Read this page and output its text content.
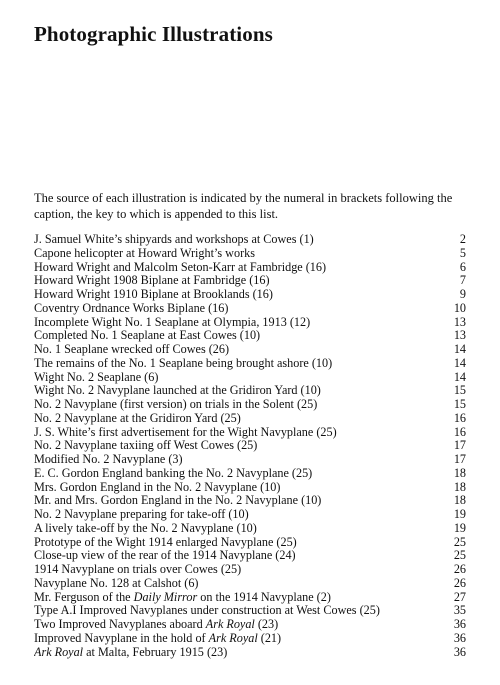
Photographic Illustrations
The source of each illustration is indicated by the numeral in brackets following the caption, the key to which is appended to this list.
J. Samuel White’s shipyards and workshops at Cowes (1)	2
Capone helicopter at Howard Wright’s works	5
Howard Wright and Malcolm Seton-Karr at Fambridge (16)	6
Howard Wright 1908 Biplane at Fambridge (16)	7
Howard Wright 1910 Biplane at Brooklands (16)	9
Coventry Ordnance Works Biplane (16)	10
Incomplete Wight No. 1 Seaplane at Olympia, 1913 (12)	13
Completed No. 1 Seaplane at East Cowes (10)	13
No. 1 Seaplane wrecked off Cowes (26)	14
The remains of the No. 1 Seaplane being brought ashore (10)	14
Wight No. 2 Seaplane (6)	14
Wight No. 2 Navyplane launched at the Gridiron Yard (10)	15
No. 2 Navyplane (first version) on trials in the Solent (25)	15
No. 2 Navyplane at the Gridiron Yard (25)	16
J. S. White’s first advertisement for the Wight Navyplane (25)	16
No. 2 Navyplane taxiing off West Cowes (25)	17
Modified No. 2 Navyplane (3)	17
E. C. Gordon England banking the No. 2 Navyplane (25)	18
Mrs. Gordon England in the No. 2 Navyplane (10)	18
Mr. and Mrs. Gordon England in the No. 2 Navyplane (10)	18
No. 2 Navyplane preparing for take-off (10)	19
A lively take-off by the No. 2 Navyplane (10)	19
Prototype of the Wight 1914 enlarged Navyplane (25)	25
Close-up view of the rear of the 1914 Navyplane (24)	25
1914 Navyplane on trials over Cowes (25)	26
Navyplane No. 128 at Calshot (6)	26
Mr. Ferguson of the Daily Mirror on the 1914 Navyplane (2)	27
Type A.I Improved Navyplanes under construction at West Cowes (25)	35
Two Improved Navyplanes aboard Ark Royal (23)	36
Improved Navyplane in the hold of Ark Royal (21)	36
Ark Royal at Malta, February 1915 (23)	36
